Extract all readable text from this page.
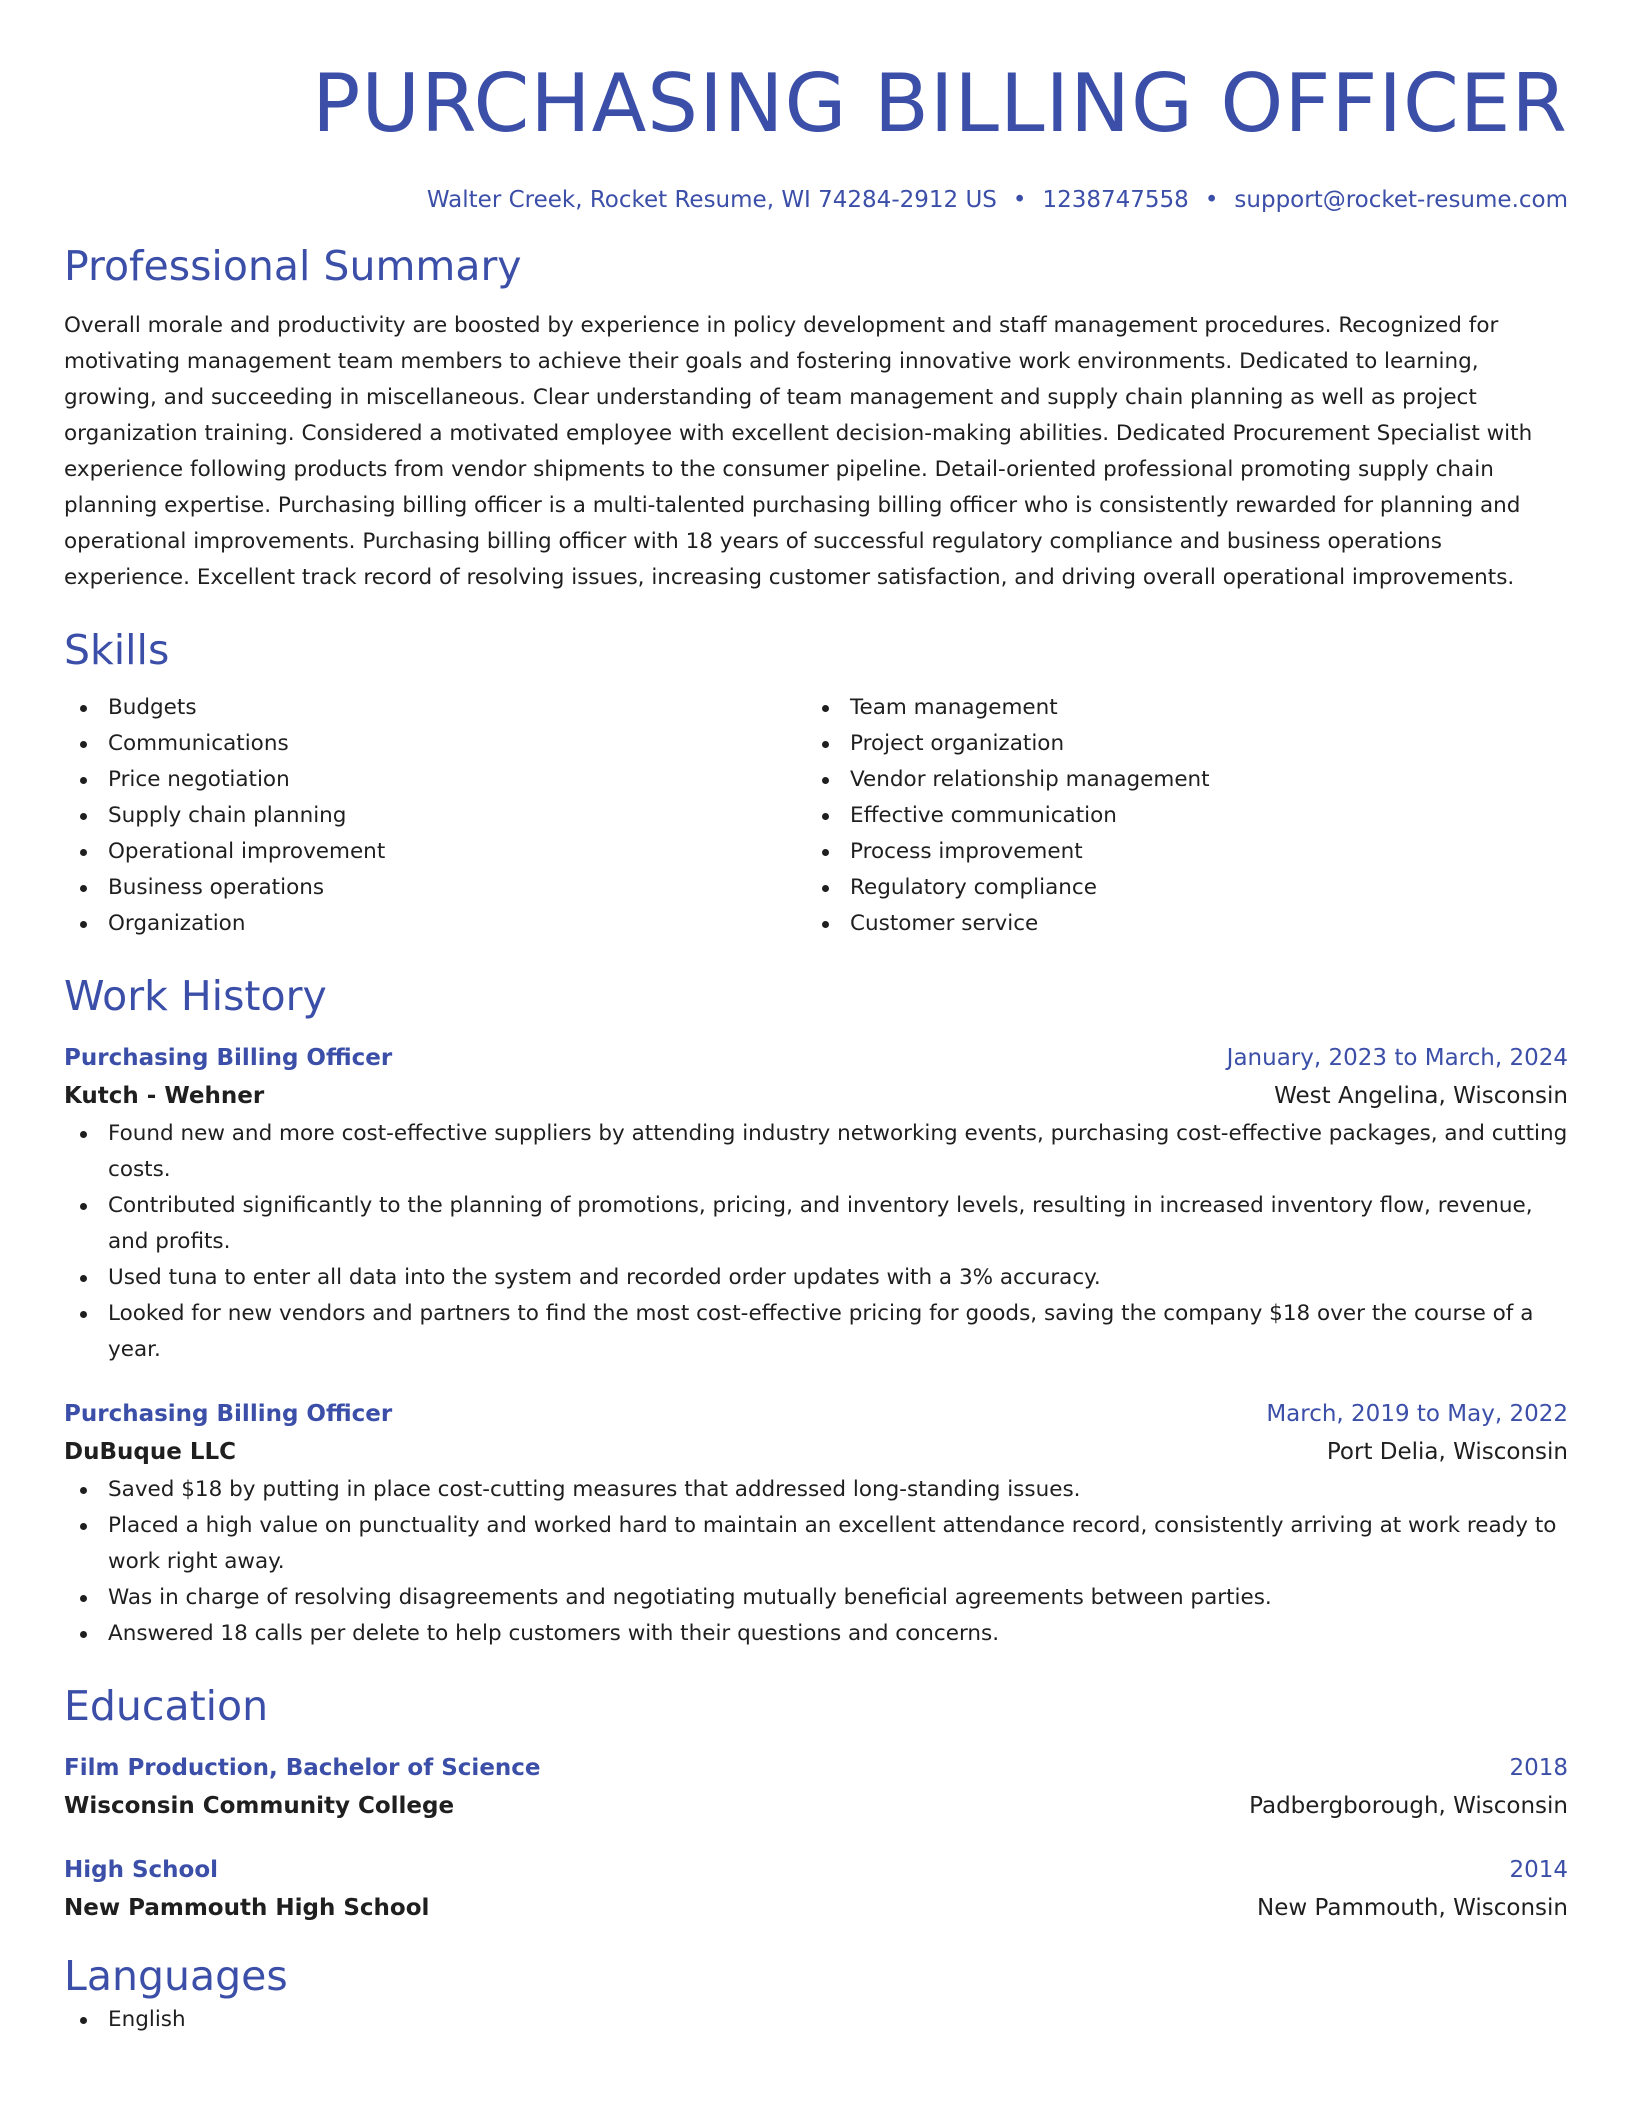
PURCHASING BILLING OFFICER
Walter Creek, Rocket Resume, WI 74284-2912 US • 1238747558 • support@rocket-resume.com
Professional Summary
Overall morale and productivity are boosted by experience in policy development and staff management procedures. Recognized for motivating management team members to achieve their goals and fostering innovative work environments. Dedicated to learning, growing, and succeeding in miscellaneous. Clear understanding of team management and supply chain planning as well as project organization training. Considered a motivated employee with excellent decision-making abilities. Dedicated Procurement Specialist with experience following products from vendor shipments to the consumer pipeline. Detail-oriented professional promoting supply chain planning expertise. Purchasing billing officer is a multi-talented purchasing billing officer who is consistently rewarded for planning and operational improvements. Purchasing billing officer with 18 years of successful regulatory compliance and business operations experience. Excellent track record of resolving issues, increasing customer satisfaction, and driving overall operational improvements.
Skills
Budgets
Communications
Price negotiation
Supply chain planning
Operational improvement
Business operations
Organization
Team management
Project organization
Vendor relationship management
Effective communication
Process improvement
Regulatory compliance
Customer service
Work History
Purchasing Billing Officer	January, 2023 to March, 2024
Kutch - Wehner	West Angelina, Wisconsin
Found new and more cost-effective suppliers by attending industry networking events, purchasing cost-effective packages, and cutting costs.
Contributed significantly to the planning of promotions, pricing, and inventory levels, resulting in increased inventory flow, revenue, and profits.
Used tuna to enter all data into the system and recorded order updates with a 3% accuracy.
Looked for new vendors and partners to find the most cost-effective pricing for goods, saving the company $18 over the course of a year.
Purchasing Billing Officer	March, 2019 to May, 2022
DuBuque LLC	Port Delia, Wisconsin
Saved $18 by putting in place cost-cutting measures that addressed long-standing issues.
Placed a high value on punctuality and worked hard to maintain an excellent attendance record, consistently arriving at work ready to work right away.
Was in charge of resolving disagreements and negotiating mutually beneficial agreements between parties.
Answered 18 calls per delete to help customers with their questions and concerns.
Education
Film Production, Bachelor of Science	2018
Wisconsin Community College	Padbergborough, Wisconsin
High School	2014
New Pammouth High School	New Pammouth, Wisconsin
Languages
English
